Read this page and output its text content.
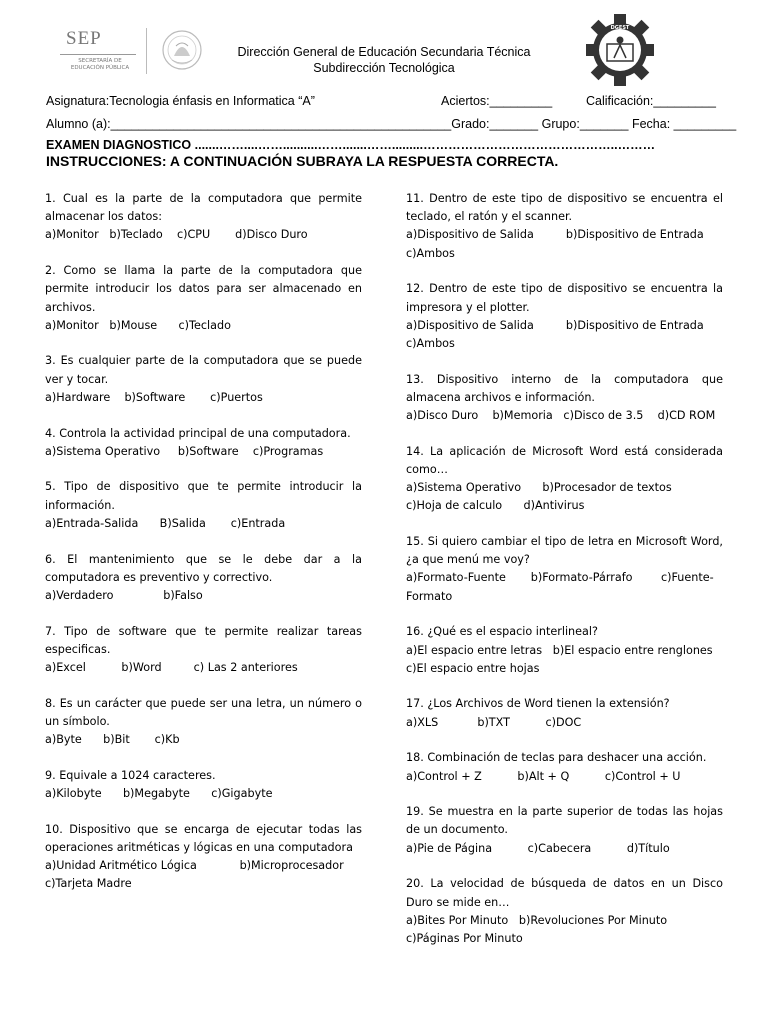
SEP
SECRETARÍA DE
EDUCACIÓN PÚBLICA
Dirección General de Educación Secundaria Técnica
Subdirección Tecnológica
DGEST
Asignatura:Tecnologia énfasis en Informatica “A”	Aciertos:_________	Calificación:_________
Alumno (a):_________________________________________________Grado:_______ Grupo:_______ Fecha: _________
EXAMEN DIAGNOSTICO .......……....……..........…….......…….........………………………………………..………
INSTRUCCIONES: A CONTINUACIÓN SUBRAYA LA RESPUESTA CORRECTA.
1. Cual es la parte de la computadora que permite almacenar los datos:
a)Monitor   b)Teclado    c)CPU       d)Disco Duro
2. Como se llama la parte de la computadora que permite introducir los datos para ser almacenado en archivos.
a)Monitor   b)Mouse      c)Teclado
3. Es cualquier parte de la computadora que se puede ver y tocar.
a)Hardware    b)Software       c)Puertos
4. Controla la actividad principal de una computadora.
a)Sistema Operativo     b)Software    c)Programas
5. Tipo de dispositivo que te permite introducir la información.
a)Entrada-Salida      B)Salida       c)Entrada
6. El mantenimiento que se le debe dar a la computadora es preventivo y correctivo.
a)Verdadero              b)Falso
7. Tipo de software que te permite realizar tareas especificas.
a)Excel          b)Word         c) Las 2 anteriores
8. Es un carácter que puede ser una letra, un número o un símbolo.
a)Byte      b)Bit       c)Kb
9. Equivale a 1024 caracteres.
a)Kilobyte      b)Megabyte      c)Gigabyte
10. Dispositivo que se encarga de ejecutar todas las operaciones aritméticas y lógicas en una computadora
a)Unidad Aritmético Lógica            b)Microprocesador
c)Tarjeta Madre
11. Dentro de este tipo de dispositivo se encuentra el teclado, el ratón y el scanner.
a)Dispositivo de Salida         b)Dispositivo de Entrada
c)Ambos
12. Dentro de este tipo de dispositivo se encuentra la impresora y el plotter.
a)Dispositivo de Salida         b)Dispositivo de Entrada
c)Ambos
13. Dispositivo interno de la computadora que almacena archivos e información.
a)Disco Duro    b)Memoria   c)Disco de 3.5    d)CD ROM
14. La aplicación de Microsoft Word está considerada como…
a)Sistema Operativo      b)Procesador de textos
c)Hoja de calculo      d)Antivirus
15. Si quiero cambiar el tipo de letra en Microsoft Word, ¿a que menú me voy?
a)Formato-Fuente       b)Formato-Párrafo        c)Fuente-
Formato
16. ¿Qué es el espacio interlineal?
a)El espacio entre letras   b)El espacio entre renglones
c)El espacio entre hojas
17. ¿Los Archivos de Word tienen la extensión?
a)XLS           b)TXT          c)DOC
18. Combinación de teclas para deshacer una acción.
a)Control + Z          b)Alt + Q          c)Control + U
19. Se muestra en la parte superior de todas las hojas de un documento.
a)Pie de Página          c)Cabecera          d)Título
20. La velocidad de búsqueda de datos en un Disco Duro se mide en…
a)Bites Por Minuto   b)Revoluciones Por Minuto
c)Páginas Por Minuto
